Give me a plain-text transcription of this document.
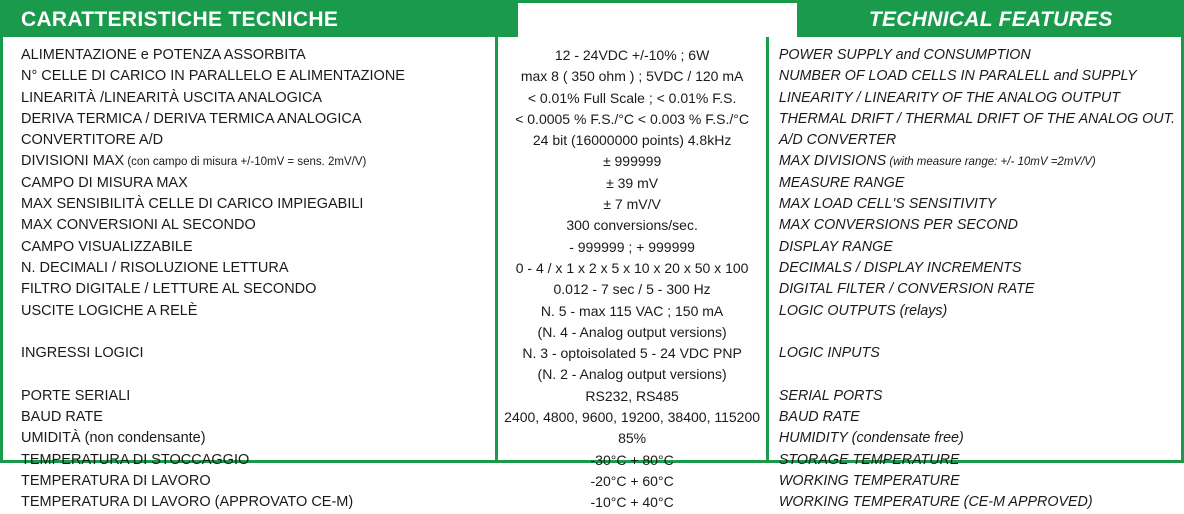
CARATTERISTICHE TECNICHE	TECHNICAL FEATURES
ALIMENTAZIONE e POTENZA ASSORBITA
N° CELLE DI CARICO IN PARALLELO E ALIMENTAZIONE
LINEARITÀ /LINEARITÀ USCITA ANALOGICA
DERIVA TERMICA / DERIVA TERMICA ANALOGICA
CONVERTITORE A/D
DIVISIONI MAX (con campo di misura +/-10mV = sens. 2mV/V)
CAMPO DI MISURA MAX
MAX SENSIBILITÀ CELLE DI CARICO IMPIEGABILI
MAX CONVERSIONI AL SECONDO
CAMPO VISUALIZZABILE
N. DECIMALI / RISOLUZIONE LETTURA
FILTRO DIGITALE / LETTURE AL SECONDO
USCITE LOGICHE A RELÈ
INGRESSI LOGICI
PORTE SERIALI
BAUD RATE
UMIDITÀ (non condensante)
TEMPERATURA DI STOCCAGGIO
TEMPERATURA DI LAVORO
TEMPERATURA DI LAVORO (APPROVATO CE-M)
12 - 24VDC +/-10% ; 6W
max 8 ( 350 ohm ) ; 5VDC / 120 mA
< 0.01% Full Scale ; < 0.01% F.S.
< 0.0005 % F.S./°C < 0.003 % F.S./°C
24 bit (16000000 points) 4.8kHz
± 999999
± 39 mV
± 7 mV/V
300 conversions/sec.
- 999999 ; + 999999
0 - 4 / x 1 x 2 x 5 x 10 x 20 x 50 x 100
0.012 - 7 sec / 5 - 300 Hz
N. 5 - max 115 VAC ; 150 mA
(N. 4 - Analog output versions)
N. 3 - optoisolated 5 - 24 VDC PNP
(N. 2 - Analog output versions)
RS232, RS485
2400, 4800, 9600, 19200, 38400, 115200
85%
-30°C + 80°C
-20°C + 60°C
-10°C + 40°C
POWER SUPPLY and CONSUMPTION
NUMBER OF LOAD CELLS IN PARALELL and SUPPLY
LINEARITY / LINEARITY OF THE ANALOG OUTPUT
THERMAL DRIFT / THERMAL DRIFT OF THE ANALOG OUT.
A/D CONVERTER
MAX DIVISIONS (with measure range: +/- 10mV =2mV/V)
MEASURE RANGE
MAX LOAD CELL'S SENSITIVITY
MAX CONVERSIONS PER SECOND
DISPLAY RANGE
DECIMALS / DISPLAY INCREMENTS
DIGITAL FILTER / CONVERSION RATE
LOGIC OUTPUTS (relays)
LOGIC INPUTS
SERIAL PORTS
BAUD RATE
HUMIDITY (condensate free)
STORAGE TEMPERATURE
WORKING TEMPERATURE
WORKING TEMPERATURE (CE-M APPROVED)
